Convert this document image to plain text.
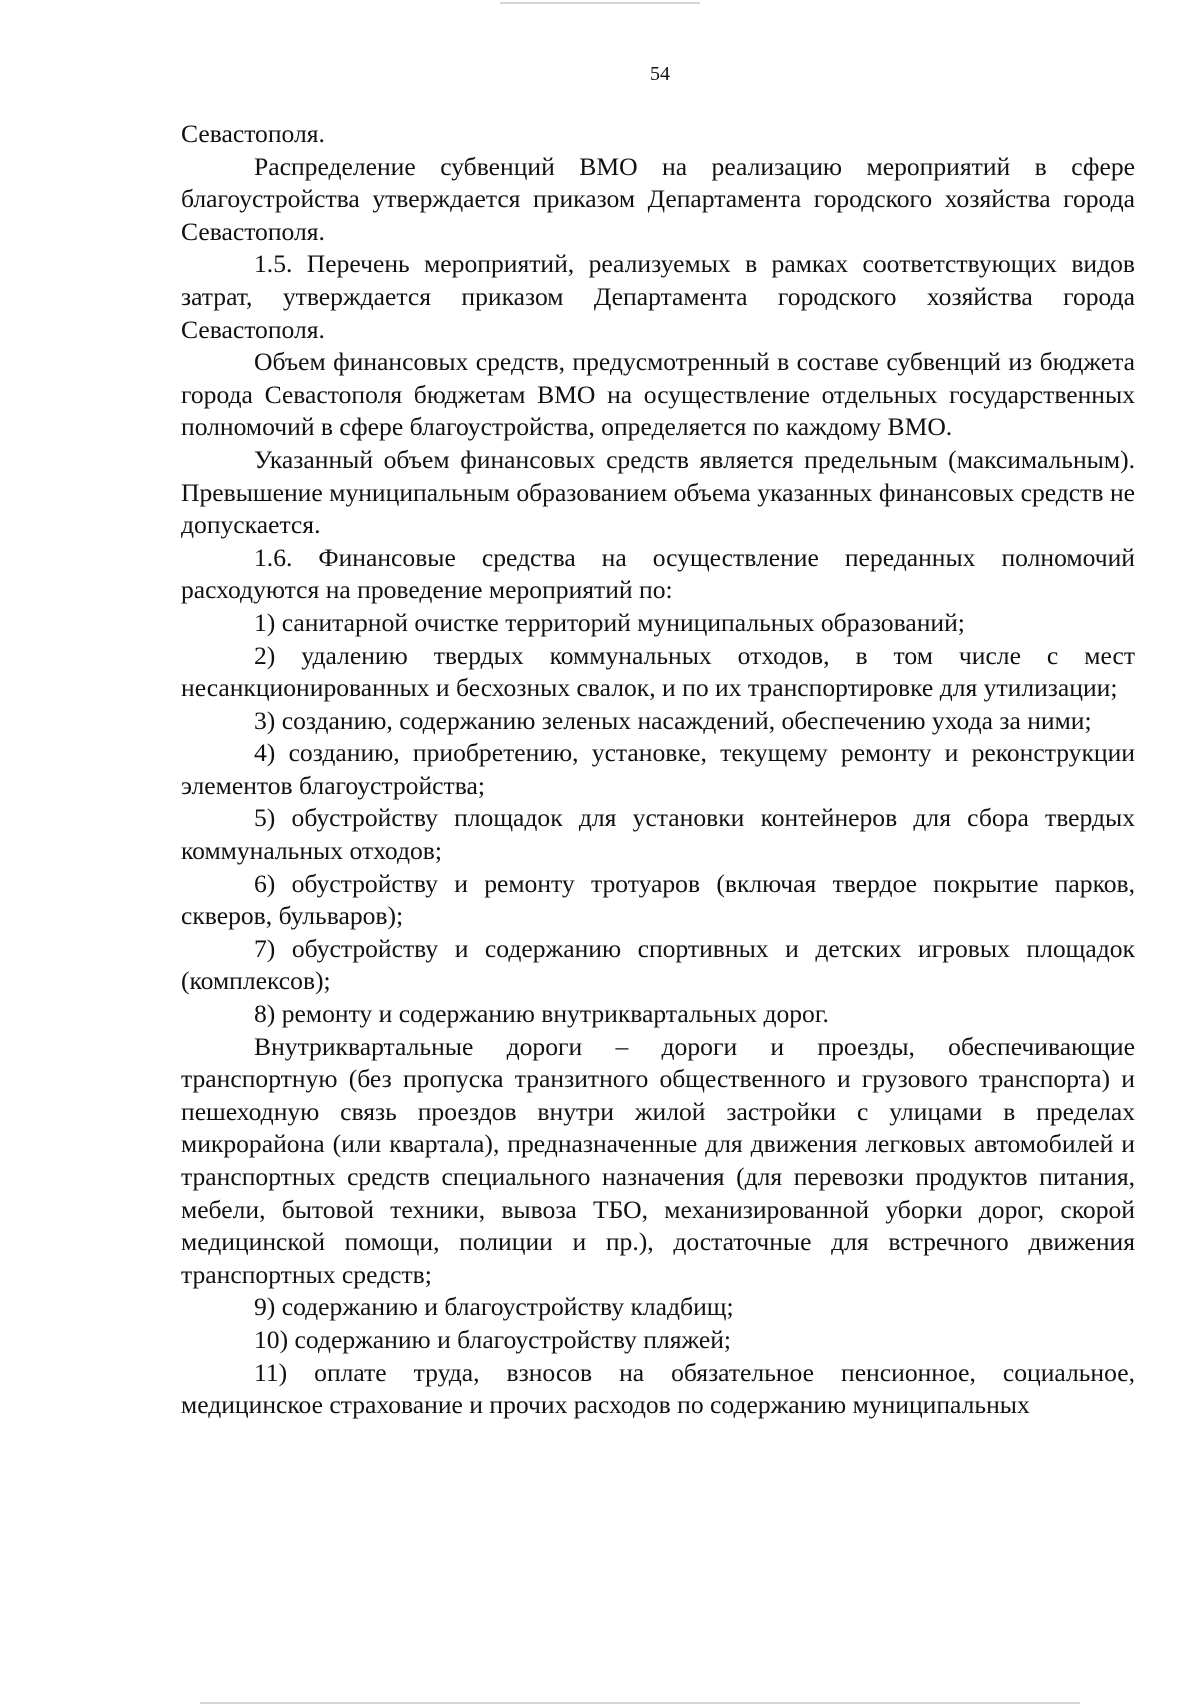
54

Севастополя.

Распределение субвенций ВМО на реализацию мероприятий в сфере благоустройства утверждается приказом Департамента городского хозяйства города Севастополя.

1.5. Перечень мероприятий, реализуемых в рамках соответствующих видов затрат, утверждается приказом Департамента городского хозяйства города Севастополя.

Объем финансовых средств, предусмотренный в составе субвенций из бюджета города Севастополя бюджетам ВМО на осуществление отдельных государственных полномочий в сфере благоустройства, определяется по каждому ВМО.

Указанный объем финансовых средств является предельным (максимальным). Превышение муниципальным образованием объема указанных финансовых средств не допускается.

1.6. Финансовые средства на осуществление переданных полномочий расходуются на проведение мероприятий по:

1) санитарной очистке территорий муниципальных образований;

2) удалению твердых коммунальных отходов, в том числе с мест несанкционированных и бесхозных свалок, и по их транспортировке для утилизации;

3) созданию, содержанию зеленых насаждений, обеспечению ухода за ними;

4) созданию, приобретению, установке, текущему ремонту и реконструкции элементов благоустройства;

5) обустройству площадок для установки контейнеров для сбора твердых коммунальных отходов;

6) обустройству и ремонту тротуаров (включая твердое покрытие парков, скверов, бульваров);

7) обустройству и содержанию спортивных и детских игровых площадок (комплексов);

8) ремонту и содержанию внутриквартальных дорог.

Внутриквартальные дороги – дороги и проезды, обеспечивающие транспортную (без пропуска транзитного общественного и грузового транспорта) и пешеходную связь проездов внутри жилой застройки с улицами в пределах микрорайона (или квартала), предназначенные для движения легковых автомобилей и транспортных средств специального назначения (для перевозки продуктов питания, мебели, бытовой техники, вывоза ТБО, механизированной уборки дорог, скорой медицинской помощи, полиции и пр.), достаточные для встречного движения транспортных средств;

9) содержанию и благоустройству кладбищ;

10) содержанию и благоустройству пляжей;

11) оплате труда, взносов на обязательное пенсионное, социальное, медицинское страхование и прочих расходов по содержанию муниципальных
